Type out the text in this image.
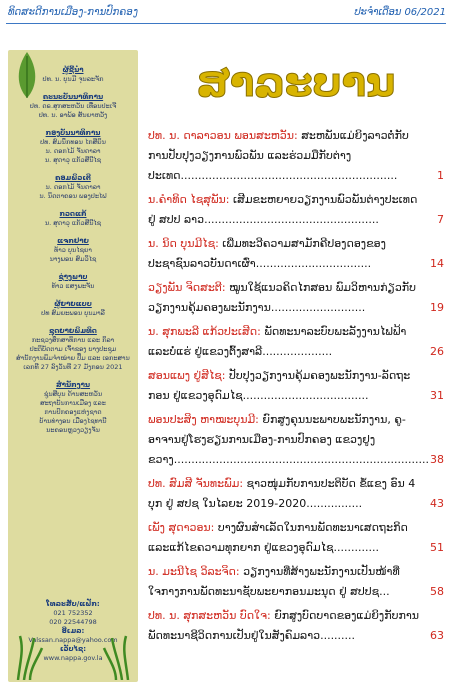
ທິດສະດີການເມືອງ-ການປົກຄອງ	ປະຈຳເດືອນ 06/2021
ຜູ້ຊີ້ນຳ
ປທ. ນ. ບຸນມີ ຈຸນລະຈັກ
ຄະນະບັນນາທິການ
ປທ. ດຣ.ສຸກສະຫວັນ ເທື່ອນປະເຈີ
ປທ. ນ. ອາພ້ອ ສັນຍາຫວັງ
ກອງບັນນາທິການ
ປທ. ສົມນຶກທອນ ໄກສີຍິນ
ນ. ດອກໄມ້ ຈັນດາລາ
ນ. ສຸດາວຸ ແກ້ວສີນີໄຊ
ຄອມພິວເຕີ
ນ. ດອກໄມ້ ຈັນດາລາ
ນ. ນິດຕາຄອນ ພອງປະໄຟ
ກວດແກ້
ນ. ສຸດາວຸ ແກ້ວສີນີໄຊ
ແຈກຢາຍ
ທ້າວ ບຸນໄຊຍາ
ນາງພອນ ສົມວິໄຊ
ຊ່າງພາບ
ທ້າວ ແສງພະຈັນ
ຜູ້ຍາຍແບບ
ປທ ສົມຍະພອນ ບຸນມາລີ
ຊຸດຍາຍພິມທິດ
ກະຊວງສຶກສາທິການ ແລະ ກິລາ
ປະຕິບັດຕາມ ເຈົ້າຂອງ ບາງປະຊຸມ
ສຳນັກງານພິມຈຳໜ່າຍ ປຶ້ມ ແລະ ເອກະສານ
ເລກທີ 27 ລົງວັນທີ 27 ມັງກອນ 2021
ສຳນັກງານ
ຊູ່ນສີບຸນ ດ້ານສະຫວັນ
ສະຖາບັນການເມືອງ ແລະ
ການປົກຄອງແຫ່ງຊາດ
ບ້ານທ່າງອນ ເມືອງໄຊທານີ
ນະຄອນຫຼວງວຽງຈັນ
ໂທລະສັບ/ແຟັກ:
021 752352
020 22544798
ອີເມລ:
Valssan.nappa@yahoo.com
ເວັບໄຊ:
www.nappa.gov.la
ສາລະບານ
ປທ. ນ. ດາລາວອນ ພອນສະຫວັນ: ສະຫພັນແມ່ຍິງລາວຕໍ່ກັບການປັບປຸງວຽງການພົວພັນ ແລະຮ່ວມມືກັບຕ່າງປະເທດ..............................................................	1
ນ.ຄຳທິດ ໄຊສຸພັນ: ເສີມຂະຫຍາຍວຽກງານພົວພັນຕ່າງປະເທດ ຢູ່ ສປປ ລາວ..................................................	7
ນ. ນິດ ບຸນມີໄຊ: ເພີ່ມທະວີຄວາມສາມັກຄີປອງດອງຂອງປະຊາຊົນລາວບັນດາເຜົ່າ.................................	14
ວຽງພັນ ຈິດສະຕີ: ໝູນໃຊ້ແນວຄິດໄກສອນ ພົມວິຫານກ່ຽວກັບວຽກງານຄຸ້ມຄອງພະນັກງານ...........................	19
ນ. ສຸກພະລີ ແກ້ວປະເສີດ: ພັດທະນາລະບົບພະລັງງານໄຟຟ້າ ແລະບໍ່ແຮ່ ຢູ່ແຂວງຕົ້ງສາລີ....................	26
ສອນແພງ ຢູ່ສີໄຊ: ປັບປຸງວຽກງານຄຸ້ມຄອງພະນັກງານ-ລັດຖະກອນ ຢູ່ແຂວງອຸດົມໄຊ....................................	31
ພອນປະສິງ ຫາໝະບຸນມີ: ຍົກສູງຄຸນນະພາບພະນັກງານ, ຄູ-ອາຈານຢູ່ໂຮງຮຽນການເມືອງ-ການປົກຄອງ ແຂວງຢູງຂວາງ......................................................................... 38
ປທ. ສົມສີ ຈັນທະພົມ: ຊາວໜຸ່ມກັບການປະຕິບັດ ຂໍ້ແຂງ ອົນ 4 ບຸກ ຢູ່ ສປຊ ໃນໄລຍະ 2019-2020................	43
ເພັງ ສຸດາວອນ: ບາງຜົນສຳເລັດໃນການພັດທະນາເສດຖະກິດ ແລະແກ້ໄຂຄວາມທຸກຍາກ ຢູ່ແຂວງອຸດົມໄຊ.............	51
ນ. ມະນີໄຊ ວິລະຈິດ: ວຽກງານທີ່ສ້າງພະນັກງານເປັນໜ້າທີ່ໃຈກາງການພັດທະນາຊັບພະຍາກອນມະນຸດ ຢູ່ ສປປຊ...	58
ປທ. ນ. ສຸກສະຫວັນ ບົດໃຈ: ຍົກສູງບົດບາດຂອງແມ່ຍິງກັບການພັດທະນາຊີວິດການເປັນຢູ່ໃນສັງຄົມລາວ..........	63
